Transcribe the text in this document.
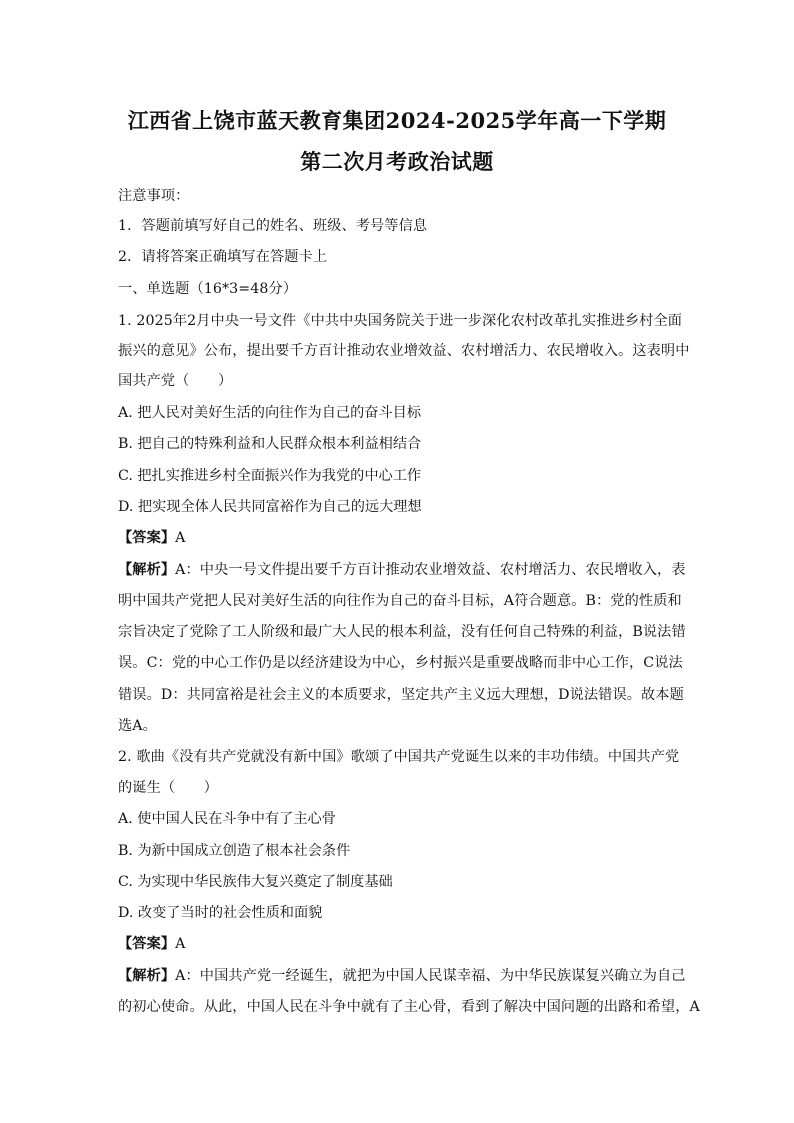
江西省上饶市蓝天教育集团2024-2025学年高一下学期
第二次月考政治试题
注意事项：
1．答题前填写好自己的姓名、班级、考号等信息
2．请将答案正确填写在答题卡上
一、单选题（16*3=48分）
1. 2025年2月中央一号文件《中共中央国务院关于进一步深化农村改革扎实推进乡村全面
振兴的意见》公布，提出要千方百计推动农业增效益、农村增活力、农民增收入。这表明中
国共产党（　　）
A. 把人民对美好生活的向往作为自己的奋斗目标
B. 把自己的特殊利益和人民群众根本利益相结合
C. 把扎实推进乡村全面振兴作为我党的中心工作
D. 把实现全体人民共同富裕作为自己的远大理想
【答案】A
【解析】A：中央一号文件提出要千方百计推动农业增效益、农村增活力、农民增收入，表
明中国共产党把人民对美好生活的向往作为自己的奋斗目标，A符合题意。B：党的性质和
宗旨决定了党除了工人阶级和最广大人民的根本利益，没有任何自己特殊的利益，B说法错
误。C：党的中心工作仍是以经济建设为中心，乡村振兴是重要战略而非中心工作，C说法
错误。D：共同富裕是社会主义的本质要求，坚定共产主义远大理想，D说法错误。故本题
选A。
2. 歌曲《没有共产党就没有新中国》歌颂了中国共产党诞生以来的丰功伟绩。中国共产党
的诞生（　　）
A. 使中国人民在斗争中有了主心骨
B. 为新中国成立创造了根本社会条件
C. 为实现中华民族伟大复兴奠定了制度基础
D. 改变了当时的社会性质和面貌
【答案】A
【解析】A：中国共产党一经诞生，就把为中国人民谋幸福、为中华民族谋复兴确立为自己
的初心使命。从此，中国人民在斗争中就有了主心骨，看到了解决中国问题的出路和希望，A
